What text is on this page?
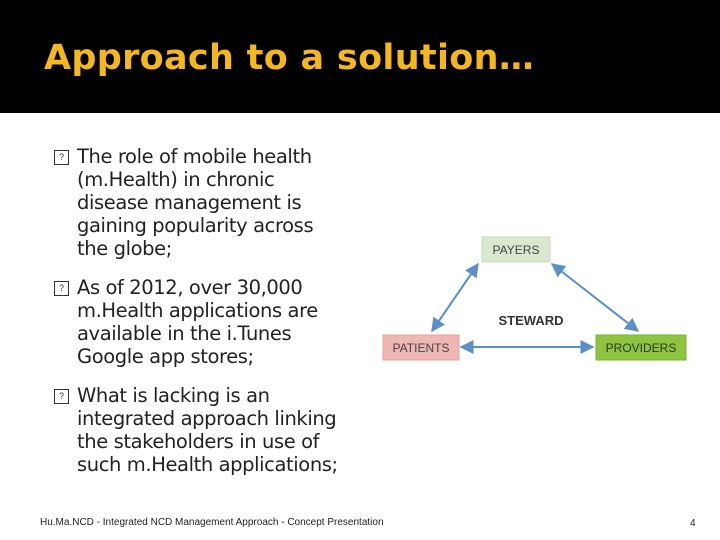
Approach to a solution…
? The role of mobile health (m.Health) in chronic disease management is gaining popularity across the globe;
? As of 2012, over 30,000 m.Health applications are available in the i.Tunes Google app stores;
? What is lacking is an integrated approach linking the stakeholders in use of such m.Health applications;
PAYERS
STEWARD
PATIENTS	PROVIDERS
Hu.Ma.NCD - Integrated NCD Management Approach - Concept Presentation	4
